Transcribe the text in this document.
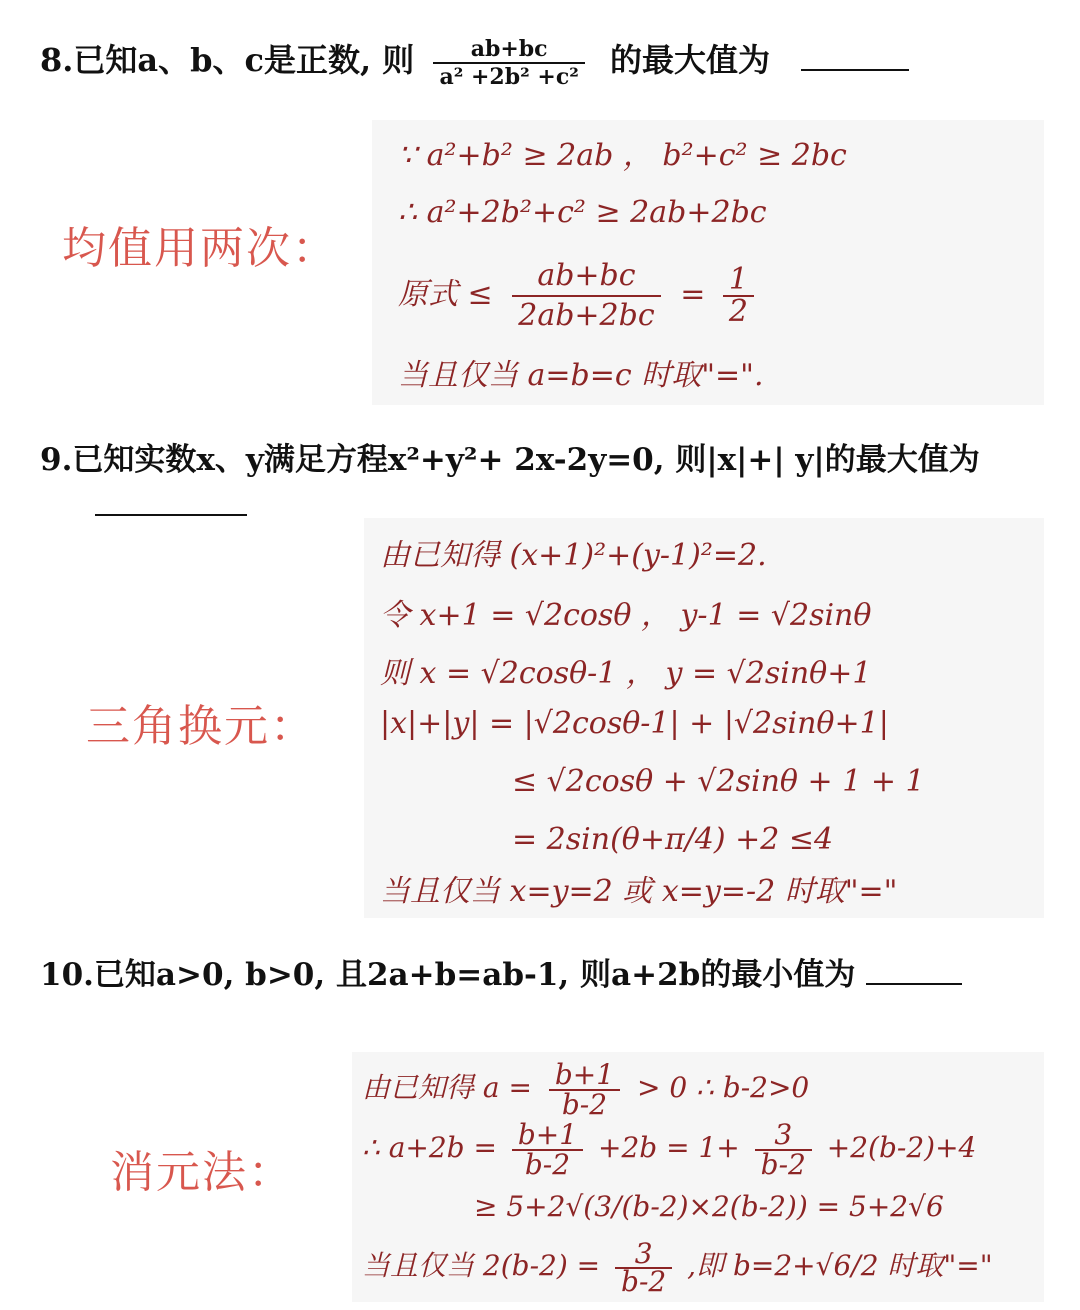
8.已知a、b、c是正数, 则 $\frac{ab+bc}{\text{a² +2b² +c²}}$ 的最大值为
均值用两次：
∵ a²+b² ≥ 2ab ， b²+c² ≥ 2bc
∴ a²+2b²+c² ≥ 2ab+2bc
原式 ≤ $\frac{ab+bc}{2ab+2bc} = \frac{1}{2}$
当且仅当 a=b=c 时取"=".
9.已知实数x、y满足方程x²+y²+ 2x-2y=0, 则|x|+| y|的最大值为
三角换元：
由已知得 (x+1)²+(y-1)²=2.
令 x+1 = √2cosθ ， y-1 = √2sinθ
则 x = √2cosθ-1 ， y = √2sinθ+1
|x|+|y| = |√2cosθ-1| + |√2sinθ+1|
≤ √2cosθ + √2sinθ + 1 + 1
= 2sin(θ+π/4) +2 ≤4
当且仅当 x=y=2 或 x=y=-2 时取"="
10.已知a>0, b>0, 且2a+b=ab-1, 则a+2b的最小值为
消元法：
由已知得 $a = \frac{b+1}{b-2} > 0$ ∴ b-2>0
∴ $a+2b = \frac{b+1}{b-2} +2b = 1+ \frac{3}{b-2} +2(b-2)+4$
≥ 5+2√(3/(b-2)×2(b-2)) = 5+2√6
当且仅当 $2(b-2) = \frac{3}{b-2}$ ,即 b=2+√6/2 时取"="
